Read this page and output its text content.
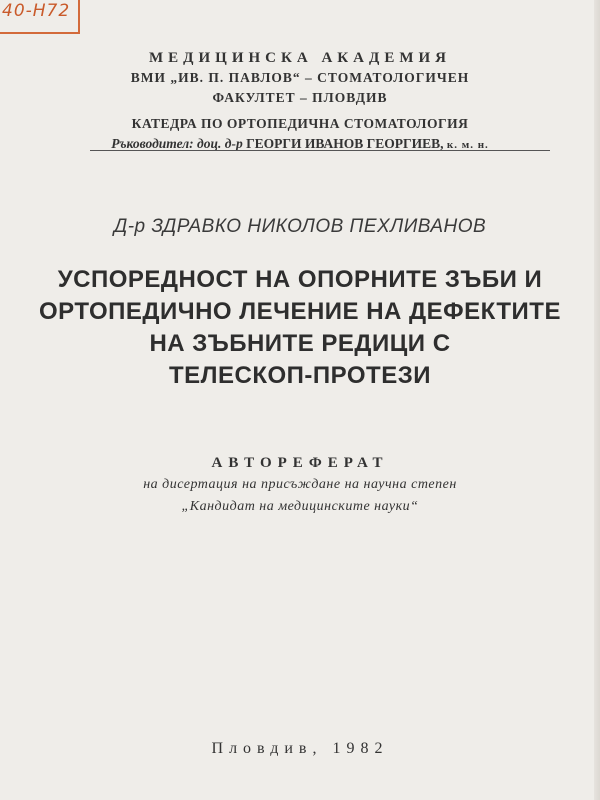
40-Н72
МЕДИЦИНСКА АКАДЕМИЯ
ВМИ „ИВ. П. ПАВЛОВ“ – СТОМАТОЛОГИЧЕН
ФАКУЛТЕТ – ПЛОВДИВ
КАТЕДРА ПО ОРТОПЕДИЧНА СТОМАТОЛОГИЯ
Ръководител: доц. д-р ГЕОРГИ ИВАНОВ ГЕОРГИЕВ, к. м. н.
Д-р ЗДРАВКО НИКОЛОВ ПЕХЛИВАНОВ
УСПОРЕДНОСТ НА ОПОРНИТЕ ЗЪБИ И
ОРТОПЕДИЧНО ЛЕЧЕНИЕ НА ДЕФЕКТИТЕ
НА ЗЪБНИТЕ РЕДИЦИ С
ТЕЛЕСКОП-ПРОТЕЗИ
АВТОРЕФЕРАТ
на дисертация на присъждане на научна степен
„Кандидат на медицинските науки“
Пловдив, 1982
